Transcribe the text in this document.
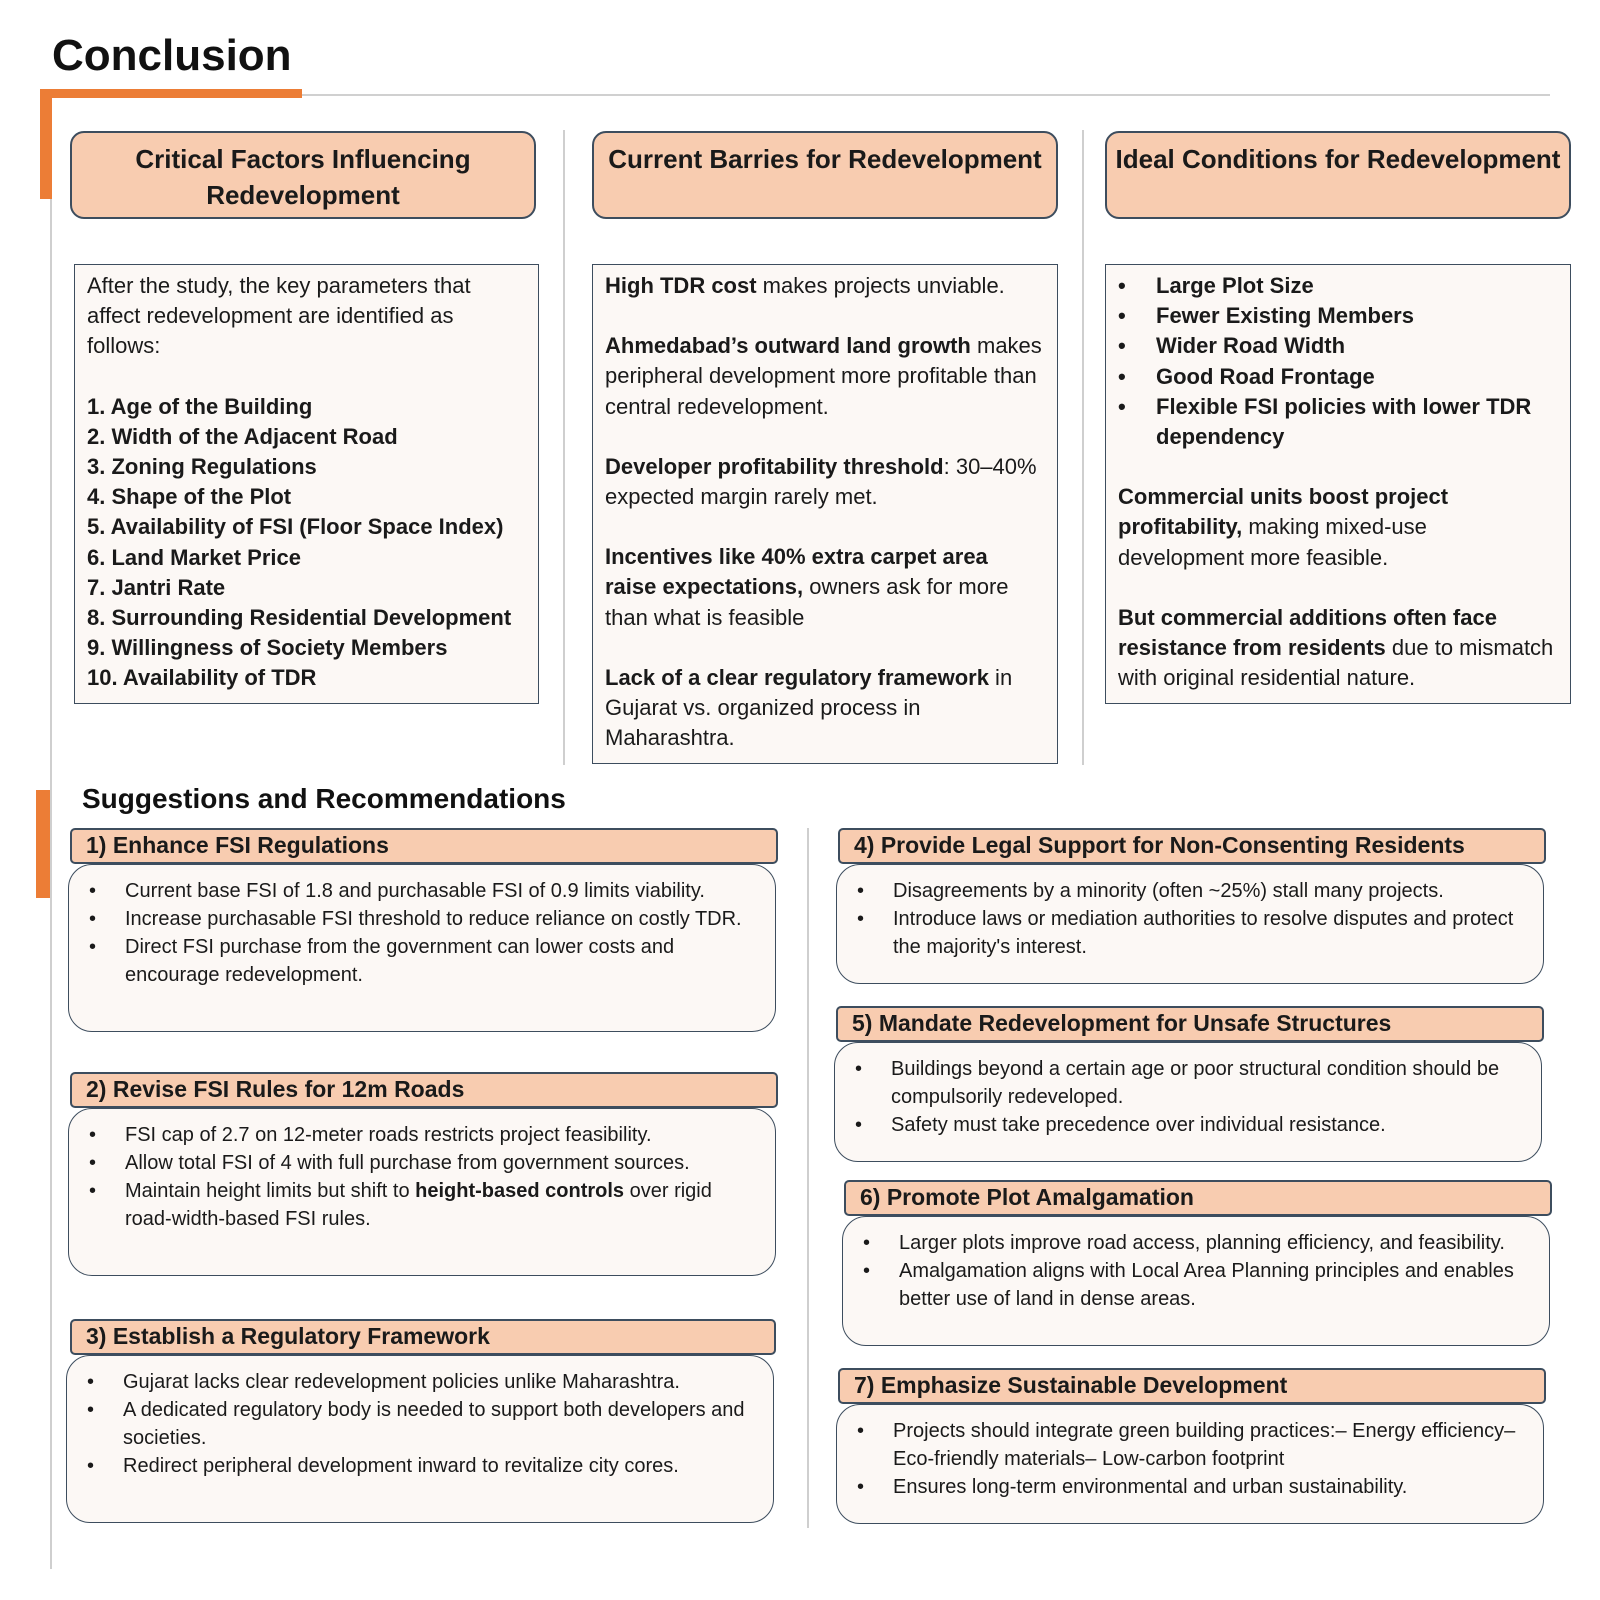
Conclusion
Critical Factors Influencing Redevelopment

After the study, the key parameters that affect redevelopment are identified as follows:

1. Age of the Building
2. Width of the Adjacent Road
3. Zoning Regulations
4. Shape of the Plot
5. Availability of FSI (Floor Space Index)
6. Land Market Price
7. Jantri Rate
8. Surrounding Residential Development
9. Willingness of Society Members
10. Availability of TDR
Current Barries for Redevelopment

High TDR cost makes projects unviable.

Ahmedabad’s outward land growth makes peripheral development more profitable than central redevelopment.

Developer profitability threshold: 30–40% expected margin rarely met.

Incentives like 40% extra carpet area raise expectations, owners ask for more than what is feasible

Lack of a clear regulatory framework in Gujarat vs. organized process in Maharashtra.

Ideal Conditions for Redevelopment
• Large Plot Size
• Fewer Existing Members
• Wider Road Width
• Good Road Frontage
• Flexible FSI policies with lower TDR dependency

Commercial units boost project profitability, making mixed-use development more feasible.

But commercial additions often face resistance from residents due to mismatch with original residential nature.

Suggestions and Recommendations
1) Enhance FSI Regulations
• Current base FSI of 1.8 and purchasable FSI of 0.9 limits viability.
• Increase purchasable FSI threshold to reduce reliance on costly TDR.
• Direct FSI purchase from the government can lower costs and encourage redevelopment.
2) Revise FSI Rules for 12m Roads
• FSI cap of 2.7 on 12-meter roads restricts project feasibility.
• Allow total FSI of 4 with full purchase from government sources.
• Maintain height limits but shift to height-based controls over rigid road-width-based FSI rules.
3) Establish a Regulatory Framework
• Gujarat lacks clear redevelopment policies unlike Maharashtra.
• A dedicated regulatory body is needed to support both developers and societies.
• Redirect peripheral development inward to revitalize city cores.
4) Provide Legal Support for Non-Consenting Residents
• Disagreements by a minority (often ~25%) stall many projects.
• Introduce laws or mediation authorities to resolve disputes and protect the majority's interest.
5) Mandate Redevelopment for Unsafe Structures
• Buildings beyond a certain age or poor structural condition should be compulsorily redeveloped.
• Safety must take precedence over individual resistance.
6) Promote Plot Amalgamation
• Larger plots improve road access, planning efficiency, and feasibility.
• Amalgamation aligns with Local Area Planning principles and enables better use of land in dense areas.
7) Emphasize Sustainable Development
• Projects should integrate green building practices:– Energy efficiency– Eco-friendly materials– Low-carbon footprint
• Ensures long-term environmental and urban sustainability.
